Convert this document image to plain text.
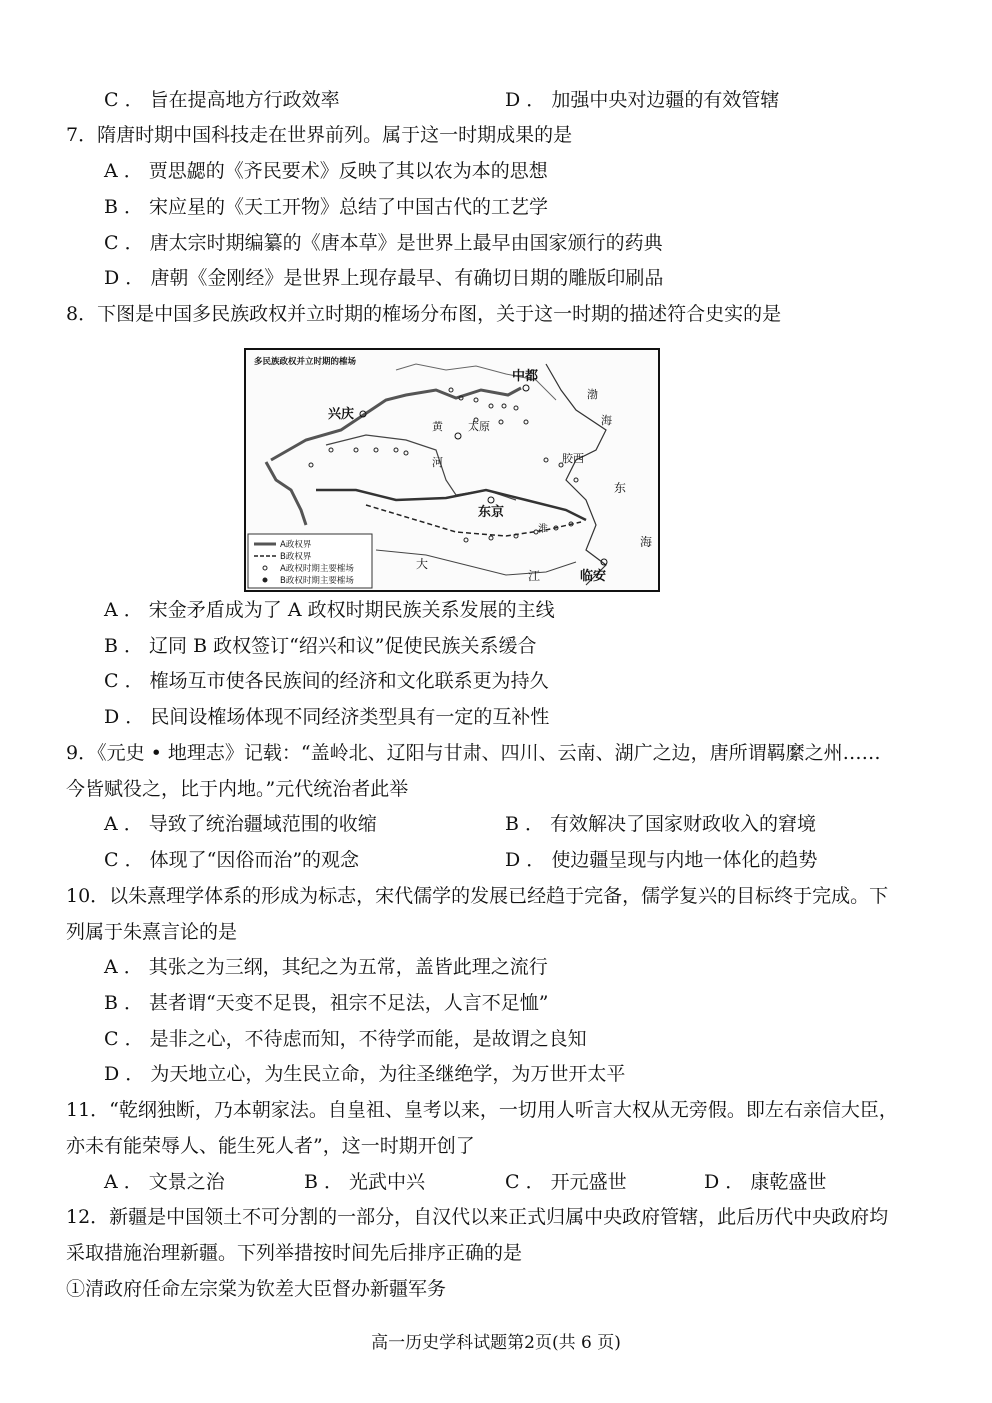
C ． 旨在提高地方行政效率	D ． 加强中央对边疆的有效管辖
7．隋唐时期中国科技走在世界前列。属于这一时期成果的是
A ． 贾思勰的《齐民要术》反映了其以农为本的思想
B ． 宋应星的《天工开物》总结了中国古代的工艺学
C ． 唐太宗时期编纂的《唐本草》是世界上最早由国家颁行的药典
D ． 唐朝《金刚经》是世界上现存最早、有确切日期的雕版印刷品
8．下图是中国多民族政权并立时期的榷场分布图，关于这一时期的描述符合史实的是
多民族政权并立时期的榷场
中都
兴庆
太原
渤
海
黄
河	胶西
东
海
东京
大
江	临安
淮
A政权界
B政权界
A政权时期主要榷场
B政权时期主要榷场
A ． 宋金矛盾成为了 A 政权时期民族关系发展的主线
B ． 辽同 B 政权签订“绍兴和议”促使民族关系缓合
C ． 榷场互市使各民族间的经济和文化联系更为持久
D ． 民间设榷场体现不同经济类型具有一定的互补性
9．《元史 • 地理志》记载：“盖岭北、辽阳与甘肃、四川、云南、湖广之边，唐所谓羁縻之州……
今皆赋役之，比于内地。”元代统治者此举
A ． 导致了统治疆域范围的收缩	B ． 有效解决了国家财政收入的窘境
C ． 体现了“因俗而治”的观念	D ． 使边疆呈现与内地一体化的趋势
10．以朱熹理学体系的形成为标志，宋代儒学的发展已经趋于完备，儒学复兴的目标终于完成。下
列属于朱熹言论的是
A ． 其张之为三纲，其纪之为五常，盖皆此理之流行
B ． 甚者谓“天变不足畏，祖宗不足法，人言不足恤”
C ． 是非之心，不待虑而知，不待学而能，是故谓之良知
D ． 为天地立心，为生民立命，为往圣继绝学，为万世开太平
11．“乾纲独断，乃本朝家法。自皇祖、皇考以来，一切用人听言大权从无旁假。即左右亲信大臣，
亦未有能荣辱人、能生死人者”，这一时期开创了
A ． 文景之治	B ． 光武中兴	C ． 开元盛世	D ． 康乾盛世
12．新疆是中国领土不可分割的一部分，自汉代以来正式归属中央政府管辖，此后历代中央政府均
采取措施治理新疆。下列举措按时间先后排序正确的是
①清政府任命左宗棠为钦差大臣督办新疆军务
高一历史学科试题第2页(共 6 页)
